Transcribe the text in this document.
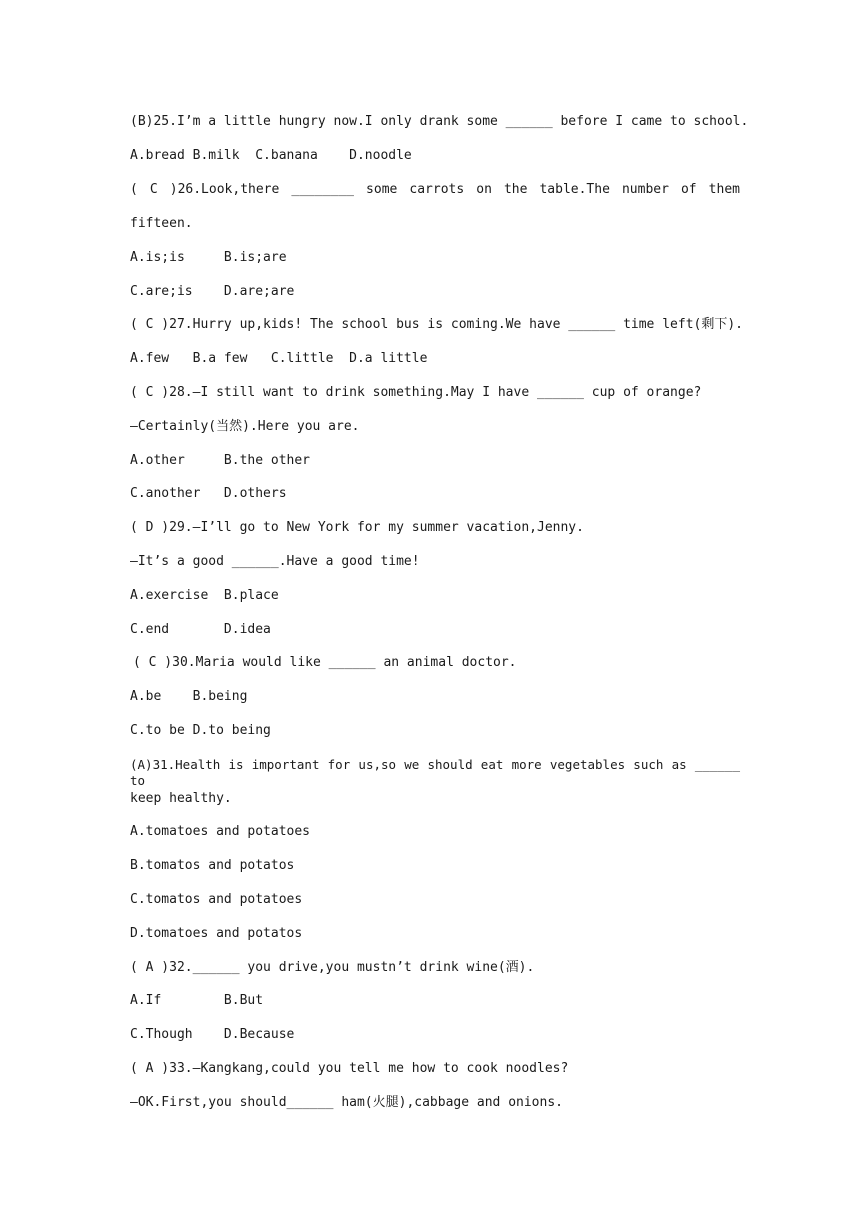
(B)25.I’m a little hungry now.I only drank some ______ before I came to school.
A.bread B.milk  C.banana    D.noodle
( C )26.Look,there ________ some carrots on the table.The number of them
fifteen.
A.is;is     B.is;are
C.are;is    D.are;are
( C )27.Hurry up,kids! The school bus is coming.We have ______ time left(剩下).
A.few   B.a few   C.little  D.a little
( C )28.—I still want to drink something.May I have ______ cup of orange?
—Certainly(当然).Here you are.
A.other     B.the other
C.another   D.others
( D )29.—I’ll go to New York for my summer vacation,Jenny.
—It’s a good ______.Have a good time!
A.exercise  B.place
C.end       D.idea
( C )30.Maria would like ______ an animal doctor.
A.be    B.being
C.to be D.to being
(A)31.Health is important for us,so we should eat more vegetables such as ______ to
keep healthy.
A.tomatoes and potatoes
B.tomatos and potatos
C.tomatos and potatoes
D.tomatoes and potatos
( A )32.______ you drive,you mustn’t drink wine(酒).
A.If        B.But
C.Though    D.Because
( A )33.—Kangkang,could you tell me how to cook noodles?
—OK.First,you should______ ham(火腿),cabbage and onions.
